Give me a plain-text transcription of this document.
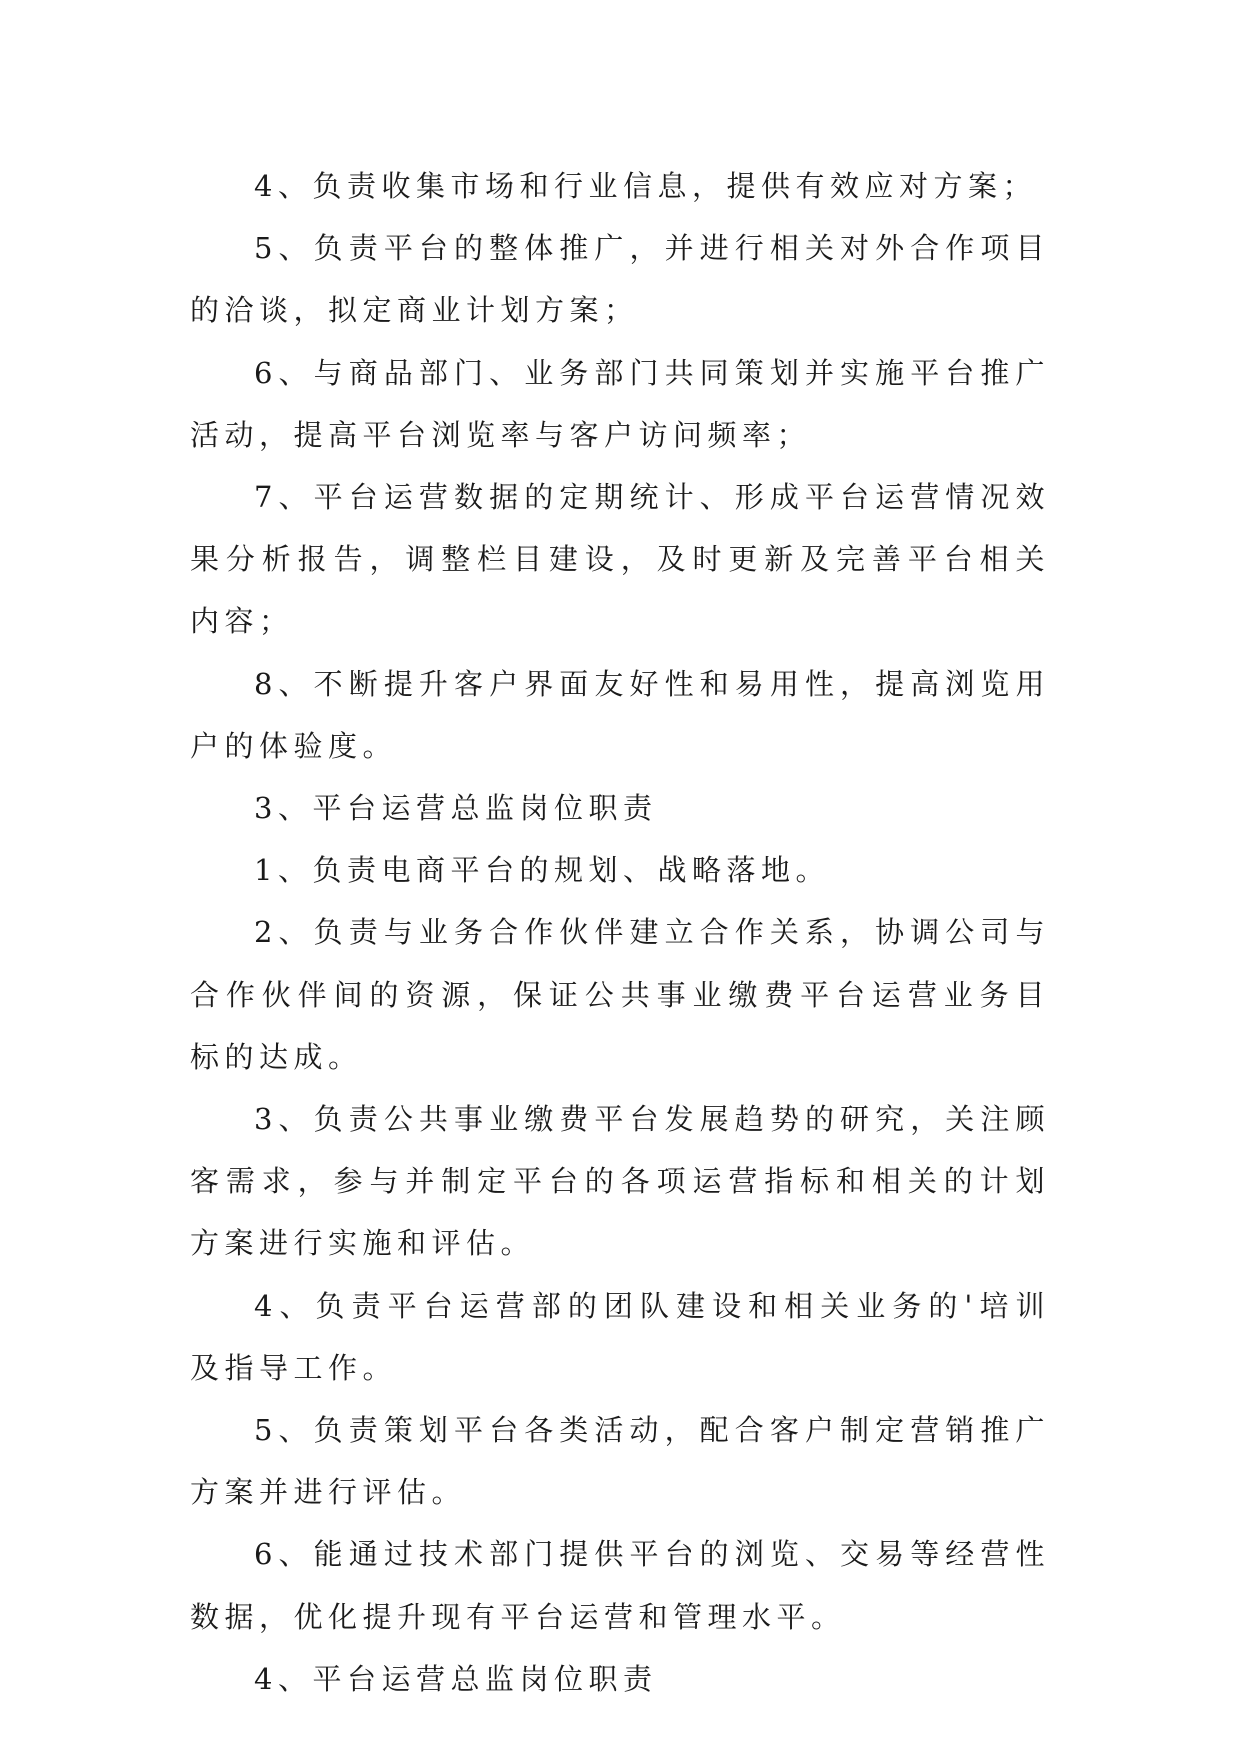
4、负责收集市场和行业信息，提供有效应对方案；

5、负责平台的整体推广，并进行相关对外合作项目的洽谈，拟定商业计划方案；

6、与商品部门、业务部门共同策划并实施平台推广活动，提高平台浏览率与客户访问频率；

7、平台运营数据的定期统计、形成平台运营情况效果分析报告，调整栏目建设，及时更新及完善平台相关内容；

8、不断提升客户界面友好性和易用性，提高浏览用户的体验度。

3、平台运营总监岗位职责

1、负责电商平台的规划、战略落地。

2、负责与业务合作伙伴建立合作关系，协调公司与合作伙伴间的资源，保证公共事业缴费平台运营业务目标的达成。

3、负责公共事业缴费平台发展趋势的研究，关注顾客需求，参与并制定平台的各项运营指标和相关的计划方案进行实施和评估。

4、负责平台运营部的团队建设和相关业务的'培训及指导工作。

5、负责策划平台各类活动，配合客户制定营销推广方案并进行评估。

6、能通过技术部门提供平台的浏览、交易等经营性数据，优化提升现有平台运营和管理水平。

4、平台运营总监岗位职责
